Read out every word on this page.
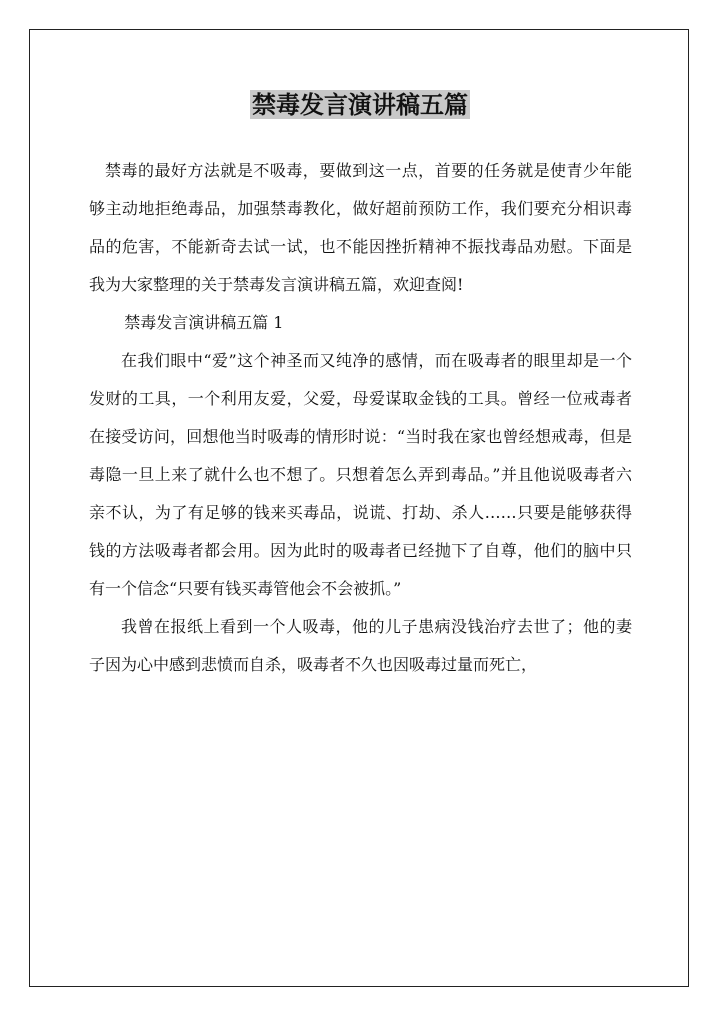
禁毒发言演讲稿五篇

禁毒的最好方法就是不吸毒，要做到这一点，首要的任务就是使青少年能够主动地拒绝毒品，加强禁毒教化，做好超前预防工作，我们要充分相识毒品的危害，不能新奇去试一试，也不能因挫折精神不振找毒品劝慰。下面是我为大家整理的关于禁毒发言演讲稿五篇，欢迎查阅!

禁毒发言演讲稿五篇 1

在我们眼中“爱”这个神圣而又纯净的感情，而在吸毒者的眼里却是一个发财的工具，一个利用友爱，父爱，母爱谋取金钱的工具。曾经一位戒毒者在接受访问，回想他当时吸毒的情形时说：“当时我在家也曾经想戒毒，但是毒隐一旦上来了就什么也不想了。只想着怎么弄到毒品。”并且他说吸毒者六亲不认，为了有足够的钱来买毒品，说谎、打劫、杀人……只要是能够获得钱的方法吸毒者都会用。因为此时的吸毒者已经抛下了自尊，他们的脑中只有一个信念“只要有钱买毒管他会不会被抓。”

我曾在报纸上看到一个人吸毒，他的儿子患病没钱治疗去世了；他的妻子因为心中感到悲愤而自杀，吸毒者不久也因吸毒过量而死亡，
